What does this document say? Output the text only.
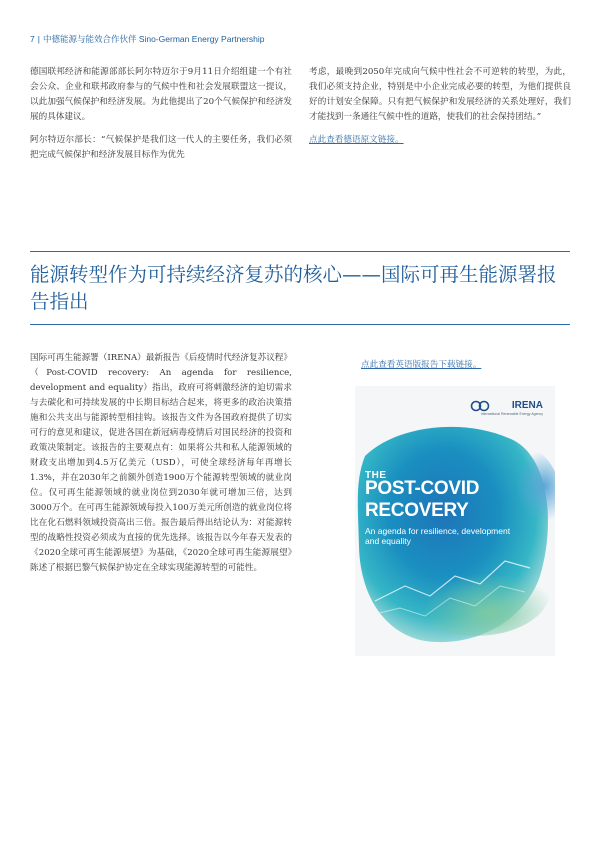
7 | 中德能源与能效合作伙伴 Sino-German Energy Partnership

德国联邦经济和能源部部长阿尔特迈尔于9月11日介绍组建一个有社会公众、企业和联邦政府参与的气候中性和社会发展联盟这一提议，以此加强气候保护和经济发展。为此他提出了20个气候保护和经济发展的具体建议。

阿尔特迈尔部长：“气候保护是我们这一代人的主要任务，我们必须把完成气候保护和经济发展目标作为优先

考虑，最晚到2050年完成向气候中性社会不可逆转的转型，为此，我们必须支持企业，特别是中小企业完成必要的转型，为他们提供良好的计划安全保障。只有把气候保护和发展经济的关系处理好，我们才能找到一条通往气候中性的道路，使我们的社会保持团结。”

点此查看德语原文链接。
能源转型作为可持续经济复苏的核心——国际可再生能源署报告指出

国际可再生能源署（IRENA）最新报告《后疫情时代经济复苏议程》（Post-COVID recovery: An agenda for resilience, development and equality）指出，政府可将刺激经济的迫切需求与去碳化和可持续发展的中长期目标结合起来，将更多的政治决策措施和公共支出与能源转型相挂钩。该报告文件为各国政府提供了切实可行的意见和建议，促进各国在新冠病毒疫情后对国民经济的投资和政策决策制定。该报告的主要观点有：如果将公共和私人能源领域的财政支出增加到4.5万亿美元（USD），可使全球经济每年再增长1.3%，并在2030年之前额外创造1900万个能源转型领域的就业岗位。仅可再生能源领域的就业岗位到2030年就可增加三倍，达到3000万个。在可再生能源领域每投入100万美元所创造的就业岗位将比在化石燃料领域投资高出三倍。报告最后得出结论认为：对能源转型的战略性投资必须成为直接的优先选择。该报告以今年春天发表的《2020全球可再生能源展望》为基础，《2020全球可再生能源展望》陈述了根据巴黎气候保护协定在全球实现能源转型的可能性。

点此查看英语版报告下载链接。
IRENA
International Renewable Energy Agency
THE
POST-COVID
RECOVERY
An agenda for resilience, development and equality
